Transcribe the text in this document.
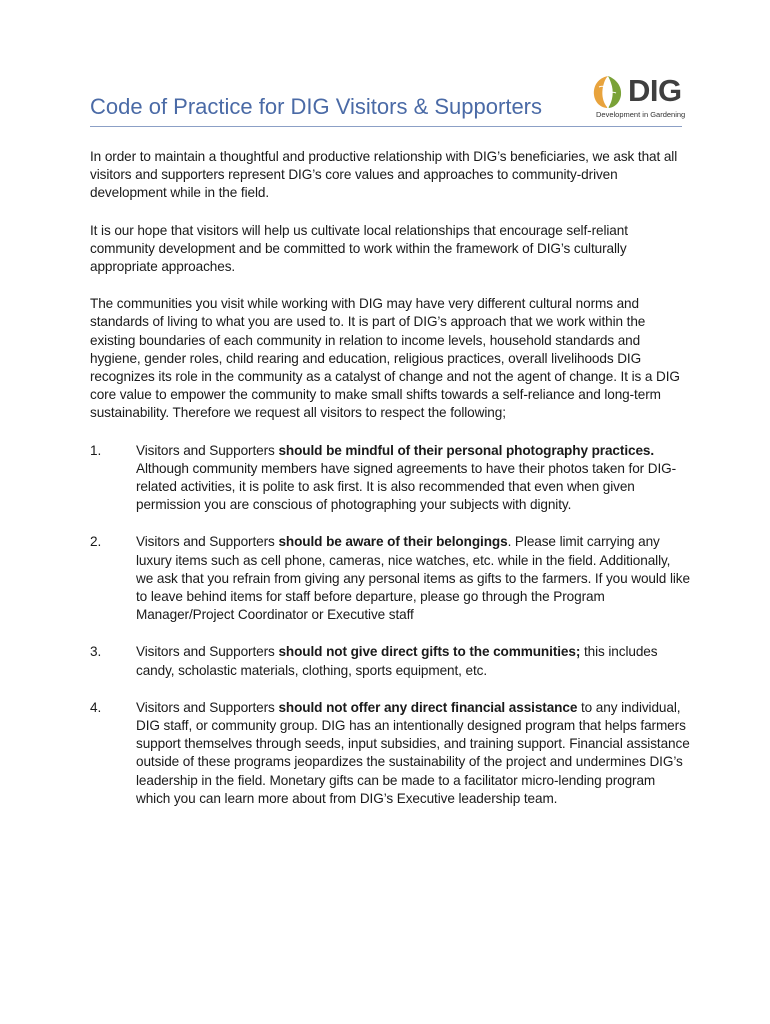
DIG
Development in Gardening
Code of Practice for DIG Visitors & Supporters

In order to maintain a thoughtful and productive relationship with DIG’s beneficiaries, we ask that all visitors and supporters represent DIG’s core values and approaches to community-driven development while in the field.

It is our hope that visitors will help us cultivate local relationships that encourage self-reliant community development and be committed to work within the framework of DIG’s culturally appropriate approaches.

The communities you visit while working with DIG may have very different cultural norms and standards of living to what you are used to. It is part of DIG’s approach that we work within the existing boundaries of each community in relation to income levels, household standards and hygiene, gender roles, child rearing and education, religious practices, overall livelihoods DIG recognizes its role in the community as a catalyst of change and not the agent of change. It is a DIG core value to empower the community to make small shifts towards a self-reliance and long-term sustainability. Therefore we request all visitors to respect the following;

1.	Visitors and Supporters should be mindful of their personal photography practices. Although community members have signed agreements to have their photos taken for DIG-related activities, it is polite to ask first. It is also recommended that even when given permission you are conscious of photographing your subjects with dignity.
2.	Visitors and Supporters should be aware of their belongings. Please limit carrying any luxury items such as cell phone, cameras, nice watches, etc. while in the field. Additionally, we ask that you refrain from giving any personal items as gifts to the farmers. If you would like to leave behind items for staff before departure, please go through the Program Manager/Project Coordinator or Executive staff
3.	Visitors and Supporters should not give direct gifts to the communities; this includes candy, scholastic materials, clothing, sports equipment, etc.
4.	Visitors and Supporters should not offer any direct financial assistance to any individual, DIG staff, or community group. DIG has an intentionally designed program that helps farmers support themselves through seeds, input subsidies, and training support. Financial assistance outside of these programs jeopardizes the sustainability of the project and undermines DIG’s leadership in the field. Monetary gifts can be made to a facilitator micro-lending program which you can learn more about from DIG’s Executive leadership team.
